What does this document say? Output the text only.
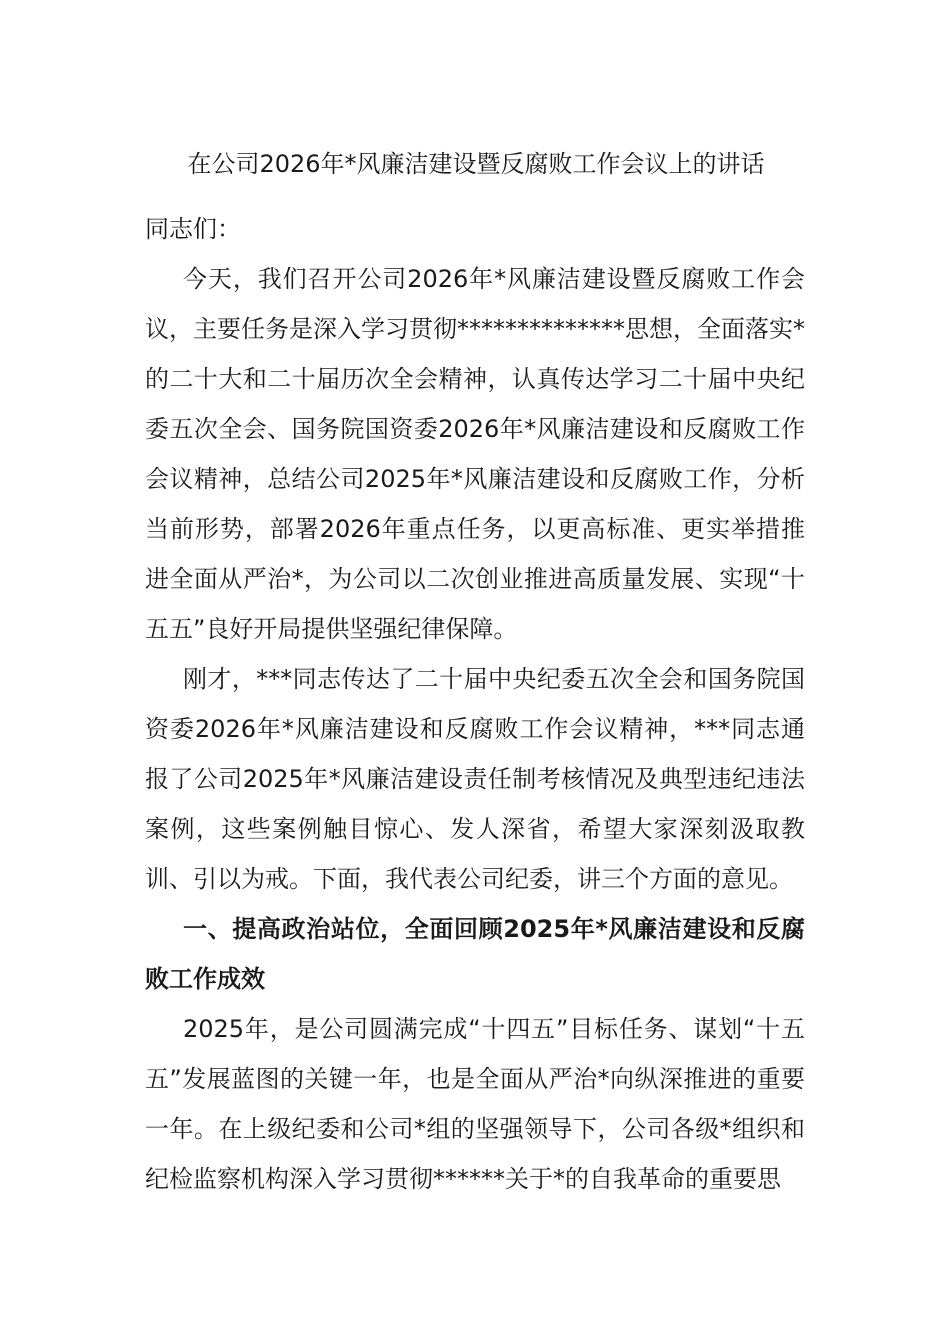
在公司2026年*风廉洁建设暨反腐败工作会议上的讲话

同志们：

今天，我们召开公司2026年*风廉洁建设暨反腐败工作会议，主要任务是深入学习贯彻**************思想，全面落实*的二十大和二十届历次全会精神，认真传达学习二十届中央纪委五次全会、国务院国资委2026年*风廉洁建设和反腐败工作会议精神，总结公司2025年*风廉洁建设和反腐败工作，分析当前形势，部署2026年重点任务，以更高标准、更实举措推进全面从严治*，为公司以二次创业推进高质量发展、实现“十五五”良好开局提供坚强纪律保障。

刚才，***同志传达了二十届中央纪委五次全会和国务院国资委2026年*风廉洁建设和反腐败工作会议精神，***同志通报了公司2025年*风廉洁建设责任制考核情况及典型违纪违法案例，这些案例触目惊心、发人深省，希望大家深刻汲取教训、引以为戒。下面，我代表公司纪委，讲三个方面的意见。

一、提高政治站位，全面回顾2025年*风廉洁建设和反腐败工作成效

2025年，是公司圆满完成“十四五”目标任务、谋划“十五五”发展蓝图的关键一年，也是全面从严治*向纵深推进的重要一年。在上级纪委和公司*组的坚强领导下，公司各级*组织和纪检监察机构深入学习贯彻******关于*的自我革命的重要思
